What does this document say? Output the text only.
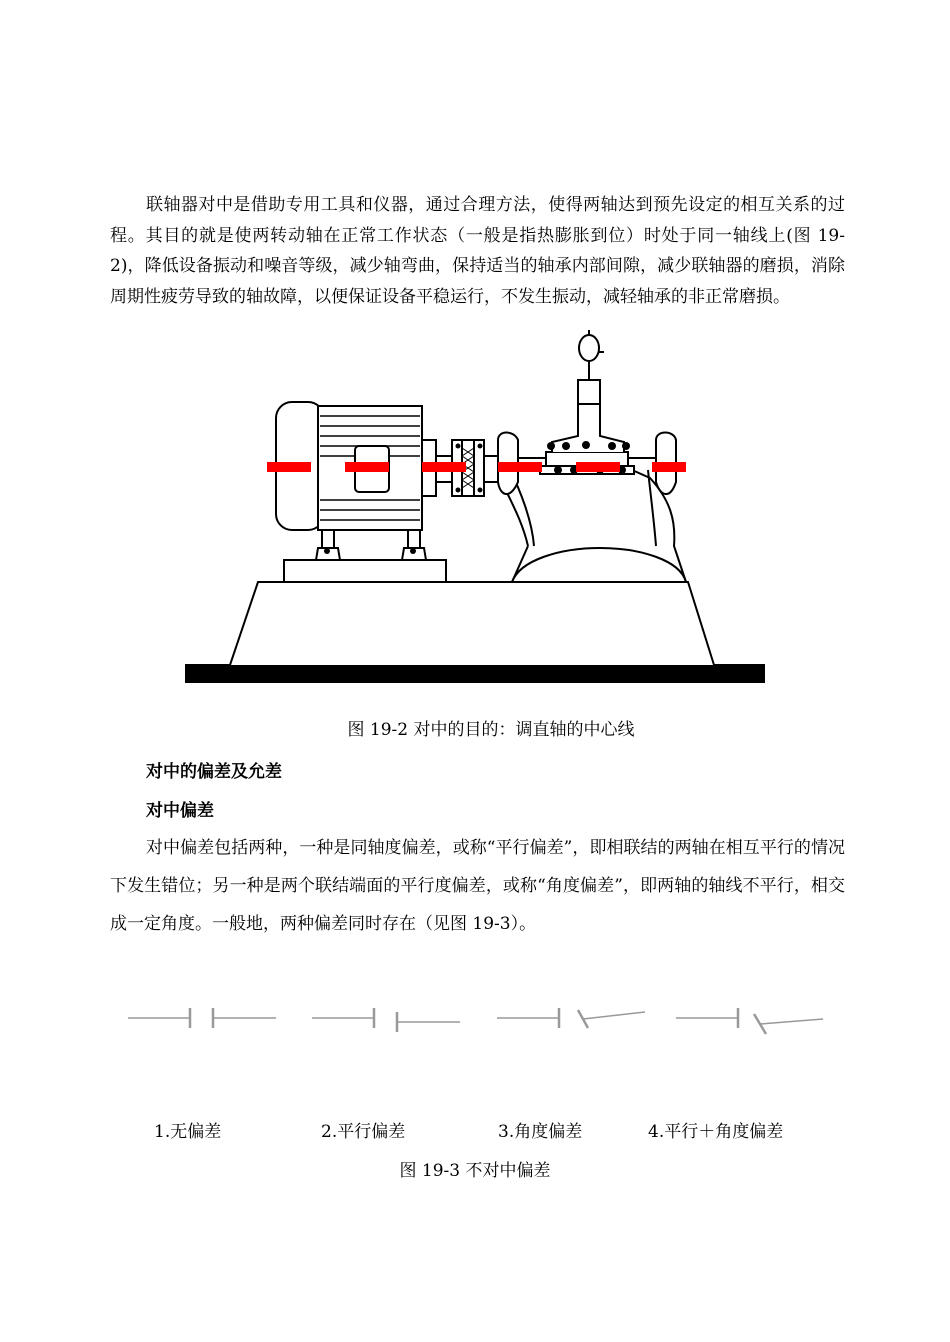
联轴器对中是借助专用工具和仪器，通过合理方法，使得两轴达到预先设定的相互关系的过程。其目的就是使两转动轴在正常工作状态（一般是指热膨胀到位）时处于同一轴线上(图 19-2)，降低设备振动和噪音等级，减少轴弯曲，保持适当的轴承内部间隙，减少联轴器的磨损，消除周期性疲劳导致的轴故障，以便保证设备平稳运行，不发生振动，减轻轴承的非正常磨损。

图 19-2 对中的目的：调直轴的中心线

对中的偏差及允差

对中偏差

对中偏差包括两种，一种是同轴度偏差，或称“平行偏差”，即相联结的两轴在相互平行的情况下发生错位；另一种是两个联结端面的平行度偏差，或称“角度偏差”，即两轴的轴线不平行，相交成一定角度。一般地，两种偏差同时存在（见图 19-3）。

1.无偏差	2.平行偏差	3.角度偏差	4.平行＋角度偏差

图 19-3 不对中偏差
